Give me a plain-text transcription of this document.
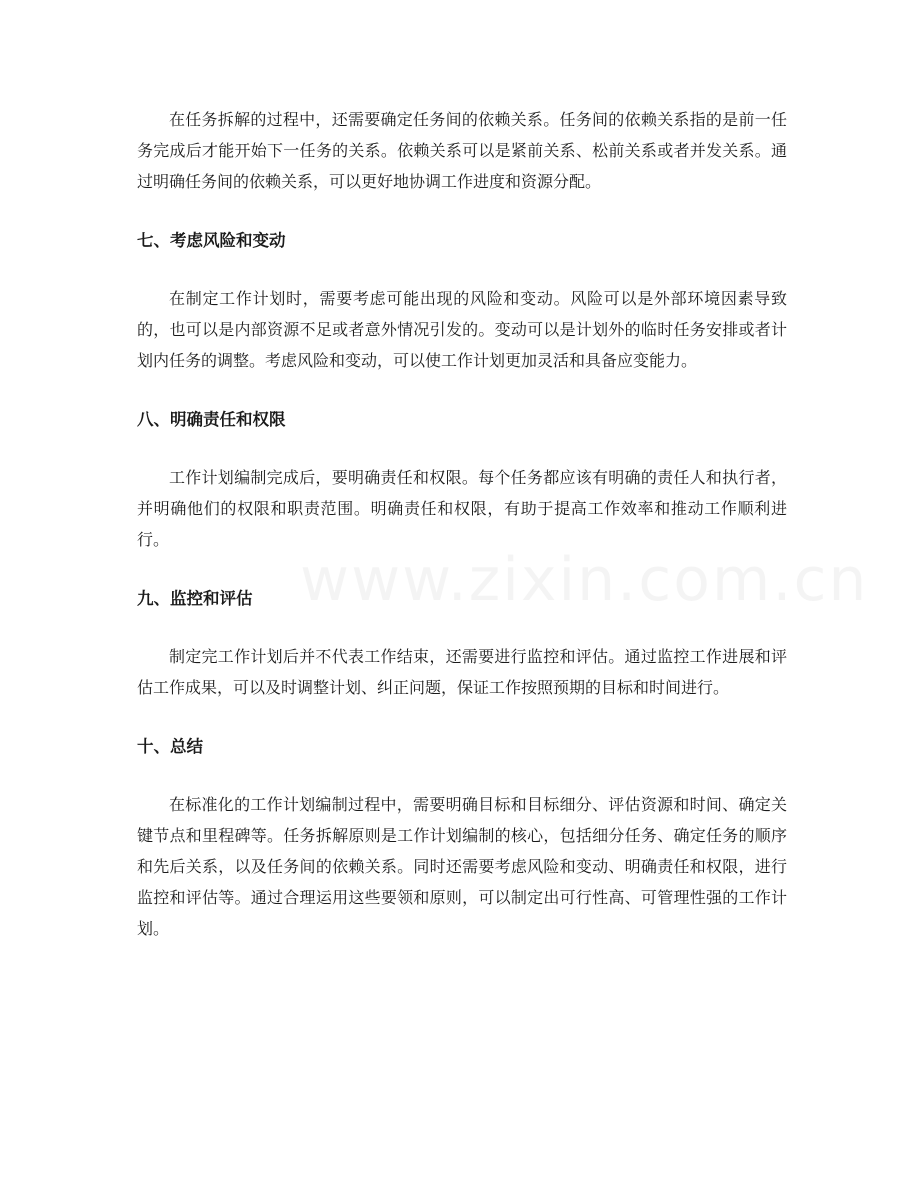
在任务拆解的过程中，还需要确定任务间的依赖关系。任务间的依赖关系指的是前一任务完成后才能开始下一任务的关系。依赖关系可以是紧前关系、松前关系或者并发关系。通过明确任务间的依赖关系，可以更好地协调工作进度和资源分配。

七、考虑风险和变动

在制定工作计划时，需要考虑可能出现的风险和变动。风险可以是外部环境因素导致的，也可以是内部资源不足或者意外情况引发的。变动可以是计划外的临时任务安排或者计划内任务的调整。考虑风险和变动，可以使工作计划更加灵活和具备应变能力。

八、明确责任和权限

工作计划编制完成后，要明确责任和权限。每个任务都应该有明确的责任人和执行者，并明确他们的权限和职责范围。明确责任和权限，有助于提高工作效率和推动工作顺利进行。

九、监控和评估

制定完工作计划后并不代表工作结束，还需要进行监控和评估。通过监控工作进展和评估工作成果，可以及时调整计划、纠正问题，保证工作按照预期的目标和时间进行。

十、总结

在标准化的工作计划编制过程中，需要明确目标和目标细分、评估资源和时间、确定关键节点和里程碑等。任务拆解原则是工作计划编制的核心，包括细分任务、确定任务的顺序和先后关系，以及任务间的依赖关系。同时还需要考虑风险和变动、明确责任和权限，进行监控和评估等。通过合理运用这些要领和原则，可以制定出可行性高、可管理性强的工作计划。
